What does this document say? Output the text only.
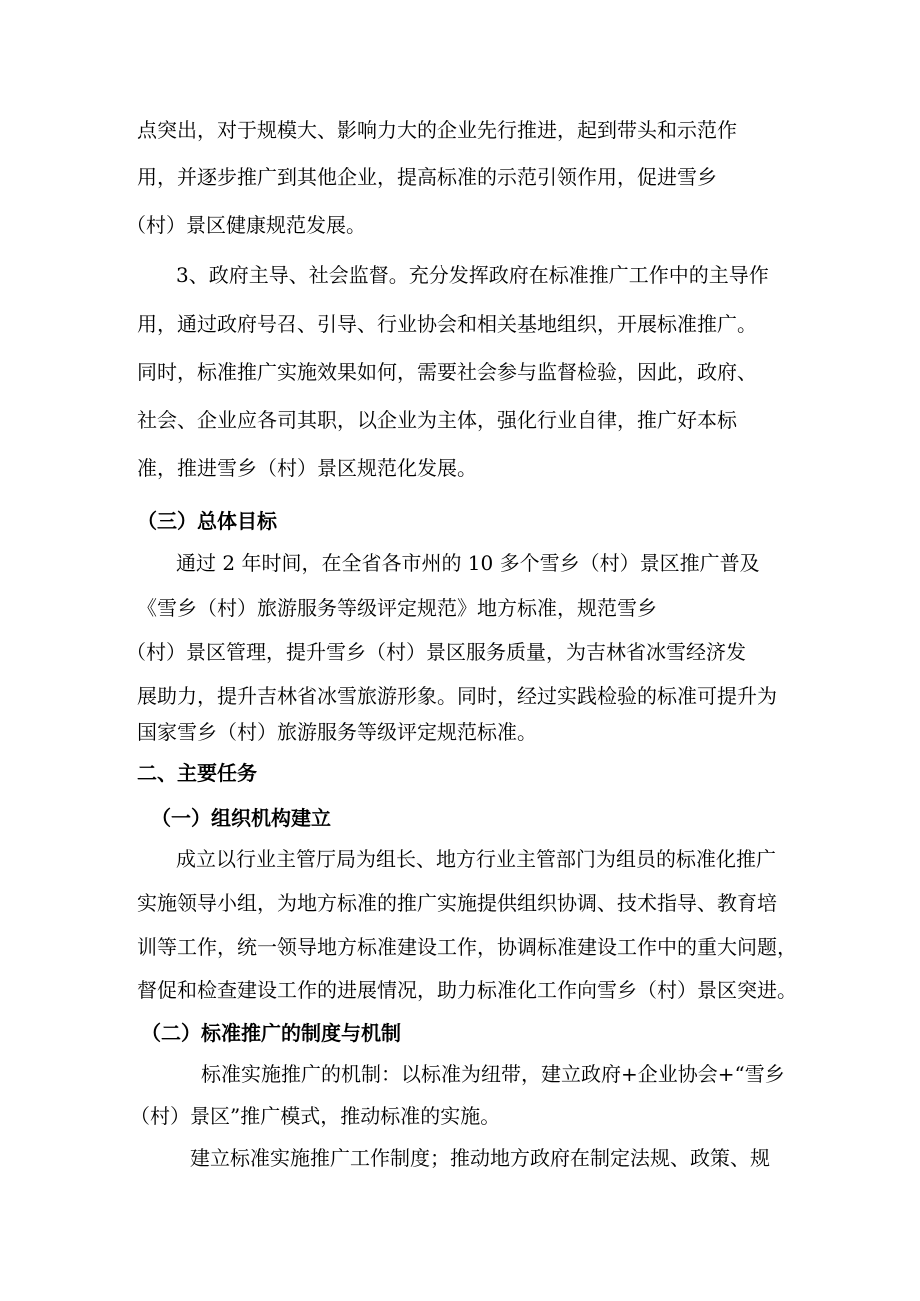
点突出，对于规模大、影响力大的企业先行推进，起到带头和示范作
用，并逐步推广到其他企业，提高标准的示范引领作用，促进雪乡
（村）景区健康规范发展。
3、政府主导、社会监督。充分发挥政府在标准推广工作中的主导作
用，通过政府号召、引导、行业协会和相关基地组织，开展标准推广。
同时，标准推广实施效果如何，需要社会参与监督检验，因此，政府、
社会、企业应各司其职，以企业为主体，强化行业自律，推广好本标
准，推进雪乡（村）景区规范化发展。
（三）总体目标
通过 2 年时间，在全省各市州的 10 多个雪乡（村）景区推广普及
《雪乡（村）旅游服务等级评定规范》地方标准，规范雪乡
（村）景区管理，提升雪乡（村）景区服务质量，为吉林省冰雪经济发
展助力，提升吉林省冰雪旅游形象。同时，经过实践检验的标准可提升为
国家雪乡（村）旅游服务等级评定规范标准。
二、主要任务
（一）组织机构建立
成立以行业主管厅局为组长、地方行业主管部门为组员的标准化推广
实施领导小组，为地方标准的推广实施提供组织协调、技术指导、教育培
训等工作，统一领导地方标准建设工作，协调标准建设工作中的重大问题，
督促和检查建设工作的进展情况，助力标准化工作向雪乡（村）景区突进。
（二）标准推广的制度与机制
标准实施推广的机制：以标准为纽带，建立政府+企业协会+“雪乡
（村）景区”推广模式，推动标准的实施。
建立标准实施推广工作制度；推动地方政府在制定法规、政策、规
